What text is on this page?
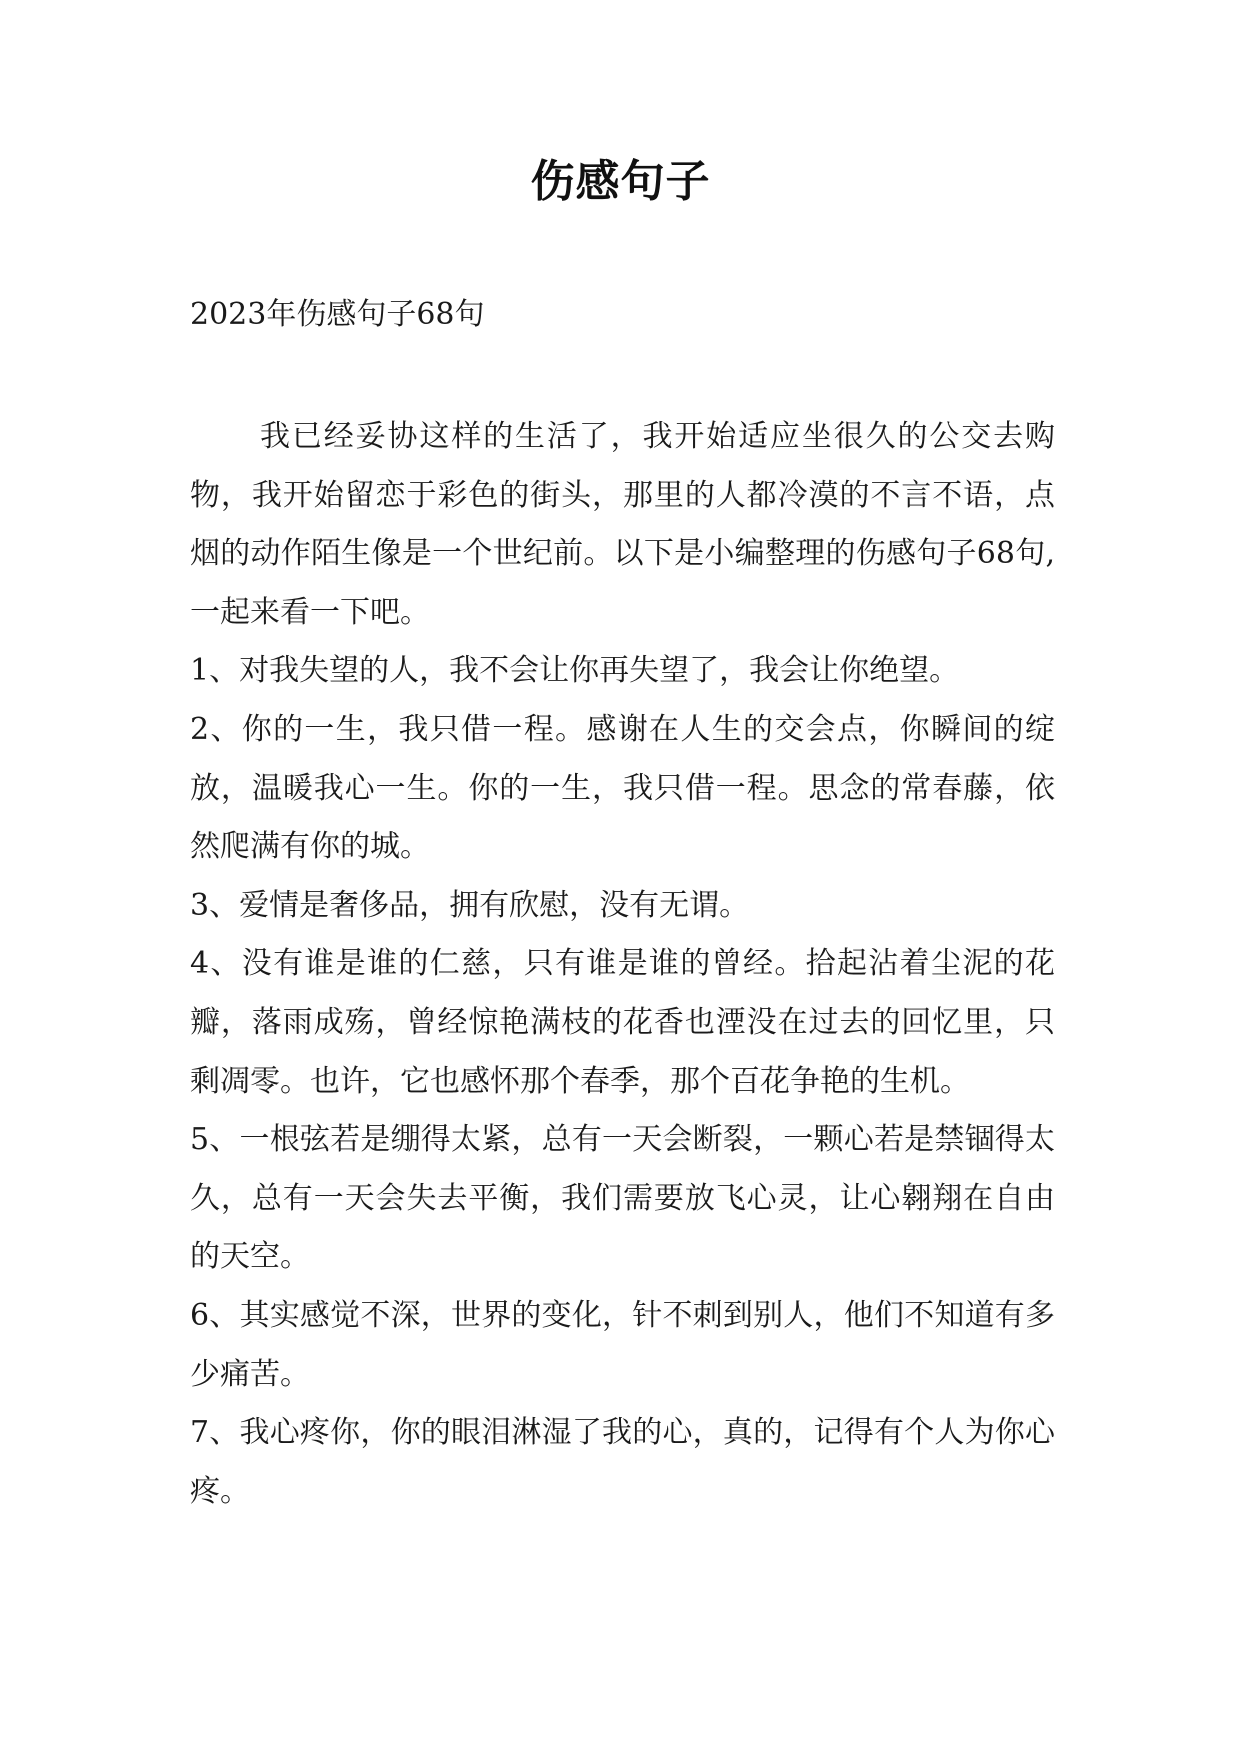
伤感句子
2023年伤感句子68句

我已经妥协这样的生活了，我开始适应坐很久的公交去购物，我开始留恋于彩色的街头，那里的人都冷漠的不言不语，点烟的动作陌生像是一个世纪前。以下是小编整理的伤感句子68句,一起来看一下吧。

1、对我失望的人，我不会让你再失望了，我会让你绝望。

2、你的一生，我只借一程。感谢在人生的交会点，你瞬间的绽放，温暖我心一生。你的一生，我只借一程。思念的常春藤，依然爬满有你的城。

3、爱情是奢侈品，拥有欣慰，没有无谓。

4、没有谁是谁的仁慈，只有谁是谁的曾经。拾起沾着尘泥的花瓣，落雨成殇，曾经惊艳满枝的花香也湮没在过去的回忆里，只剩凋零。也许，它也感怀那个春季，那个百花争艳的生机。

5、一根弦若是绷得太紧，总有一天会断裂，一颗心若是禁锢得太久，总有一天会失去平衡，我们需要放飞心灵，让心翱翔在自由的天空。

6、其实感觉不深，世界的变化，针不刺到别人，他们不知道有多少痛苦。

7、我心疼你，你的眼泪淋湿了我的心，真的，记得有个人为你心疼。
